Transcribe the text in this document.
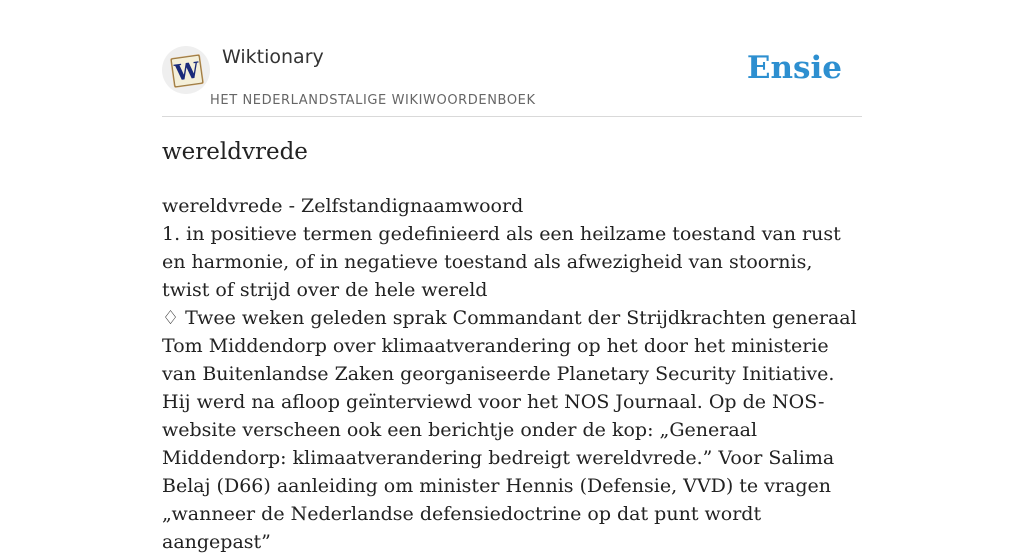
W
Wiktionary
HET NEDERLANDSTALIGE WIKIWOORDENBOEK
Ensie
wereldvrede

wereldvrede - Zelfstandignaamwoord

1. in positieve termen gedefinieerd als een heilzame toestand van rust en harmonie, of in negatieve toestand als afwezigheid van stoornis, twist of strijd over de hele wereld

♢ Twee weken geleden sprak Commandant der Strijdkrachten generaal Tom Middendorp over klimaatverandering op het door het ministerie van Buitenlandse Zaken georganiseerde Planetary Security Initiative. Hij werd na afloop geïnterviewd voor het NOS Journaal. Op de NOS-website verscheen ook een berichtje onder de kop: „Generaal Middendorp: klimaatverandering bedreigt wereldvrede.” Voor Salima Belaj (D66) aanleiding om minister Hennis (Defensie, VVD) te vragen „wanneer de Nederlandse defensiedoctrine op dat punt wordt aangepast”
